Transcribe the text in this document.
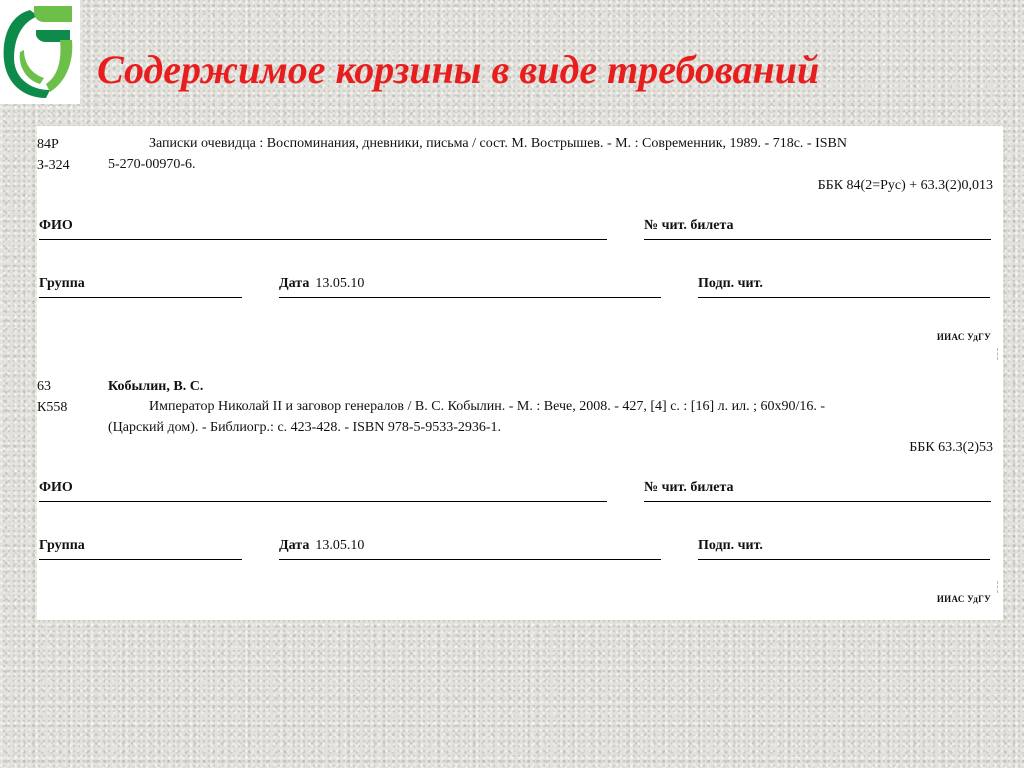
Содержимое корзины в виде требований
84Р
З-324

Записки очевидца : Воспоминания, дневники, письма / сост. М. Вострышев. - М. : Современник, 1989. - 718с. - ISBN
5-270-00970-6.

ББК 84(2=Рус) + 63.3(2)0,013
ФИО	№ чит. билета
Группа	Дата 13.05.10	Подп. чит.
ИИАС УдГУ
63
К558
Кобылин, В. С.

Император Николай II и заговор генералов / В. С. Кобылин. - М. : Вече, 2008. - 427, [4] с. : [16] л. ил. ; 60х90/16. -
(Царский дом). - Библиогр.: с. 423-428. - ISBN 978-5-9533-2936-1.

ББК 63.3(2)53
ФИО	№ чит. билета
Группа	Дата 13.05.10	Подп. чит.
ИИАС УдГУ
